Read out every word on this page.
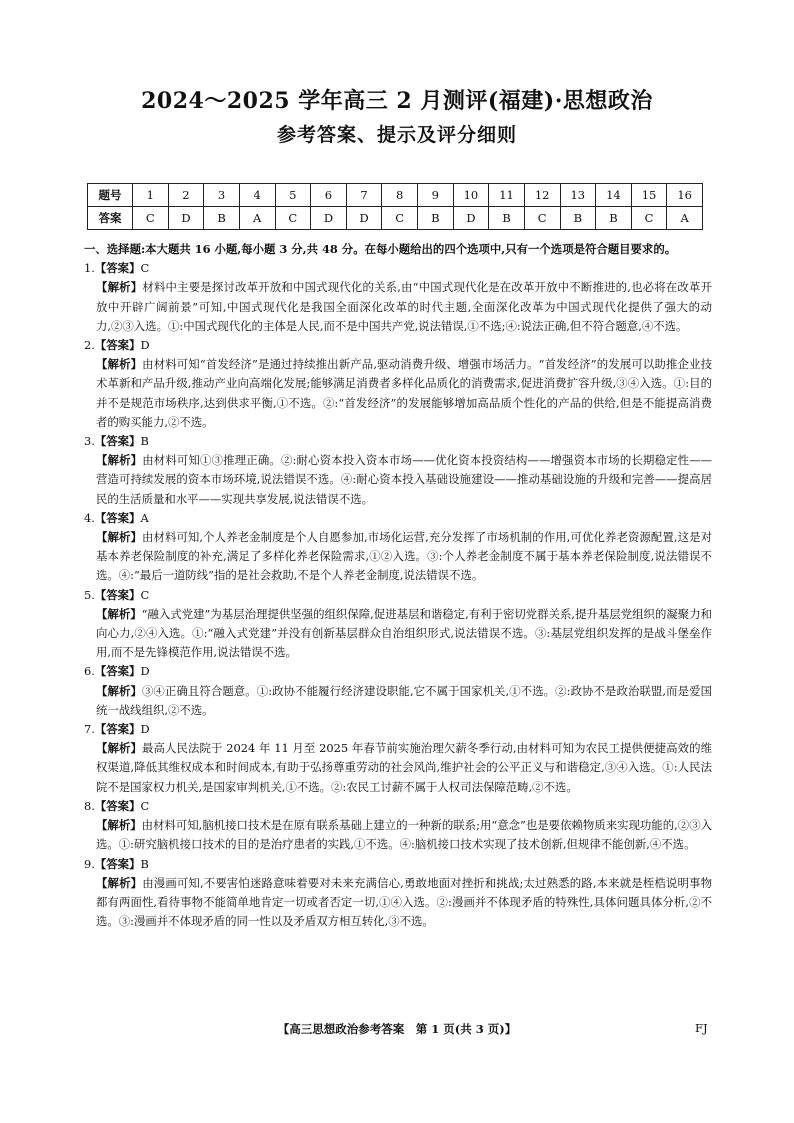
2024～2025 学年高三 2 月测评(福建)·思想政治
参考答案、提示及评分细则
题号	1	2	3	4	5	6	7	8	9	10	11	12	13	14	15	16
答案	C	D	B	A	C	D	D	C	B	D	B	C	B	B	C	A
一、选择题:本大题共 16 小题,每小题 3 分,共 48 分。在每小题给出的四个选项中,只有一个选项是符合题目要求的。
1.【答案】C
【解析】材料中主要是探讨改革开放和中国式现代化的关系,由“中国式现代化是在改革开放中不断推进的,也必将在改革开放中开辟广阔前景”可知,中国式现代化是我国全面深化改革的时代主题,全面深化改革为中国式现代化提供了强大的动力,②③入选。①:中国式现代化的主体是人民,而不是中国共产党,说法错误,①不选;④:说法正确,但不符合题意,④不选。
2.【答案】D
【解析】由材料可知“首发经济”是通过持续推出新产品,驱动消费升级、增强市场活力。“首发经济”的发展可以助推企业技术革新和产品升级,推动产业向高端化发展;能够满足消费者多样化品质化的消费需求,促进消费扩容升级,③④入选。①:目的并不是规范市场秩序,达到供求平衡,①不选。②:“首发经济”的发展能够增加高品质个性化的产品的供给,但是不能提高消费者的购买能力,②不选。
3.【答案】B
【解析】由材料可知①③推理正确。②:耐心资本投入资本市场——优化资本投资结构——增强资本市场的长期稳定性——营造可持续发展的资本市场环境,说法错误不选。④:耐心资本投入基础设施建设——推动基础设施的升级和完善——提高居民的生活质量和水平——实现共享发展,说法错误不选。
4.【答案】A
【解析】由材料可知,个人养老金制度是个人自愿参加,市场化运营,充分发挥了市场机制的作用,可优化养老资源配置,这是对基本养老保险制度的补充,满足了多样化养老保险需求,①②入选。③:个人养老金制度不属于基本养老保险制度,说法错误不选。④:“最后一道防线”指的是社会救助,不是个人养老金制度,说法错误不选。
5.【答案】C
【解析】“融入式党建”为基层治理提供坚强的组织保障,促进基层和谐稳定,有利于密切党群关系,提升基层党组织的凝聚力和向心力,②④入选。①:“融入式党建”并没有创新基层群众自治组织形式,说法错误不选。③:基层党组织发挥的是战斗堡垒作用,而不是先锋模范作用,说法错误不选。
6.【答案】D
【解析】③④正确且符合题意。①:政协不能履行经济建设职能,它不属于国家机关,①不选。②:政协不是政治联盟,而是爱国统一战线组织,②不选。
7.【答案】D
【解析】最高人民法院于 2024 年 11 月至 2025 年春节前实施治理欠薪冬季行动,由材料可知为农民工提供便捷高效的维权渠道,降低其维权成本和时间成本,有助于弘扬尊重劳动的社会风尚,维护社会的公平正义与和谐稳定,③④入选。①:人民法院不是国家权力机关,是国家审判机关,①不选。②:农民工讨薪不属于人权司法保障范畴,②不选。
8.【答案】C
【解析】由材料可知,脑机接口技术是在原有联系基础上建立的一种新的联系;用“意念”也是要依赖物质来实现功能的,②③入选。①:研究脑机接口技术的目的是治疗患者的实践,①不选。④:脑机接口技术实现了技术创新,但规律不能创新,④不选。
9.【答案】B
【解析】由漫画可知,不要害怕迷路意味着要对未来充满信心,勇敢地面对挫折和挑战;太过熟悉的路,本来就是桎梏说明事物都有两面性,看待事物不能简单地肯定一切或者否定一切,①④入选。②:漫画并不体现矛盾的特殊性,具体问题具体分析,②不选。③:漫画并不体现矛盾的同一性以及矛盾双方相互转化,③不选。
【高三思想政治参考答案　第 1 页(共 3 页)】	FJ
